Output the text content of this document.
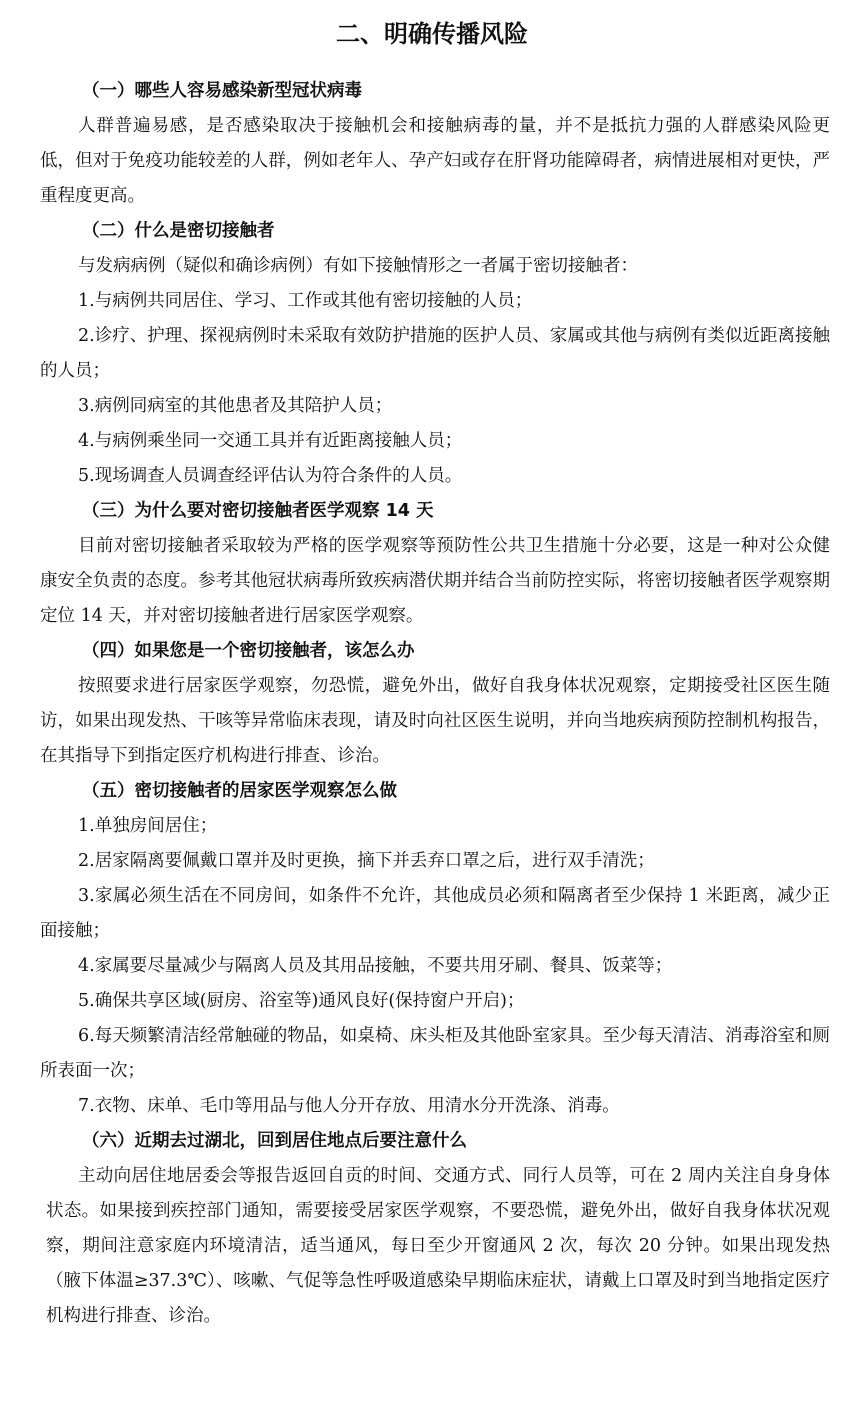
二、明确传播风险
（一）哪些人容易感染新型冠状病毒

人群普遍易感，是否感染取决于接触机会和接触病毒的量，并不是抵抗力强的人群感染风险更低，但对于免疫功能较差的人群，例如老年人、孕产妇或存在肝肾功能障碍者，病情进展相对更快，严重程度更高。

（二）什么是密切接触者

与发病病例（疑似和确诊病例）有如下接触情形之一者属于密切接触者：

1.与病例共同居住、学习、工作或其他有密切接触的人员；

2.诊疗、护理、探视病例时未采取有效防护措施的医护人员、家属或其他与病例有类似近距离接触的人员；

3.病例同病室的其他患者及其陪护人员；

4.与病例乘坐同一交通工具并有近距离接触人员；

5.现场调查人员调查经评估认为符合条件的人员。

（三）为什么要对密切接触者医学观察 14 天

目前对密切接触者采取较为严格的医学观察等预防性公共卫生措施十分必要，这是一种对公众健康安全负责的态度。参考其他冠状病毒所致疾病潜伏期并结合当前防控实际，将密切接触者医学观察期定位 14 天，并对密切接触者进行居家医学观察。

（四）如果您是一个密切接触者，该怎么办

按照要求进行居家医学观察，勿恐慌，避免外出，做好自我身体状况观察，定期接受社区医生随访，如果出现发热、干咳等异常临床表现，请及时向社区医生说明，并向当地疾病预防控制机构报告，在其指导下到指定医疗机构进行排查、诊治。

（五）密切接触者的居家医学观察怎么做

1.单独房间居住；

2.居家隔离要佩戴口罩并及时更换，摘下并丢弃口罩之后，进行双手清洗；

3.家属必须生活在不同房间，如条件不允许，其他成员必须和隔离者至少保持 1 米距离，减少正面接触；

4.家属要尽量减少与隔离人员及其用品接触，不要共用牙刷、餐具、饭菜等；

5.确保共享区域(厨房、浴室等)通风良好(保持窗户开启)；

6.每天频繁清洁经常触碰的物品，如桌椅、床头柜及其他卧室家具。至少每天清洁、消毒浴室和厕所表面一次；

7.衣物、床单、毛巾等用品与他人分开存放、用清水分开洗涤、消毒。

（六）近期去过湖北，回到居住地点后要注意什么

主动向居住地居委会等报告返回自贡的时间、交通方式、同行人员等，可在 2 周内关注自身身体状态。如果接到疾控部门通知，需要接受居家医学观察，不要恐慌，避免外出，做好自我身体状况观察，期间注意家庭内环境清洁，适当通风，每日至少开窗通风 2 次，每次 20 分钟。如果出现发热（腋下体温≥37.3℃）、咳嗽、气促等急性呼吸道感染早期临床症状，请戴上口罩及时到当地指定医疗机构进行排查、诊治。
